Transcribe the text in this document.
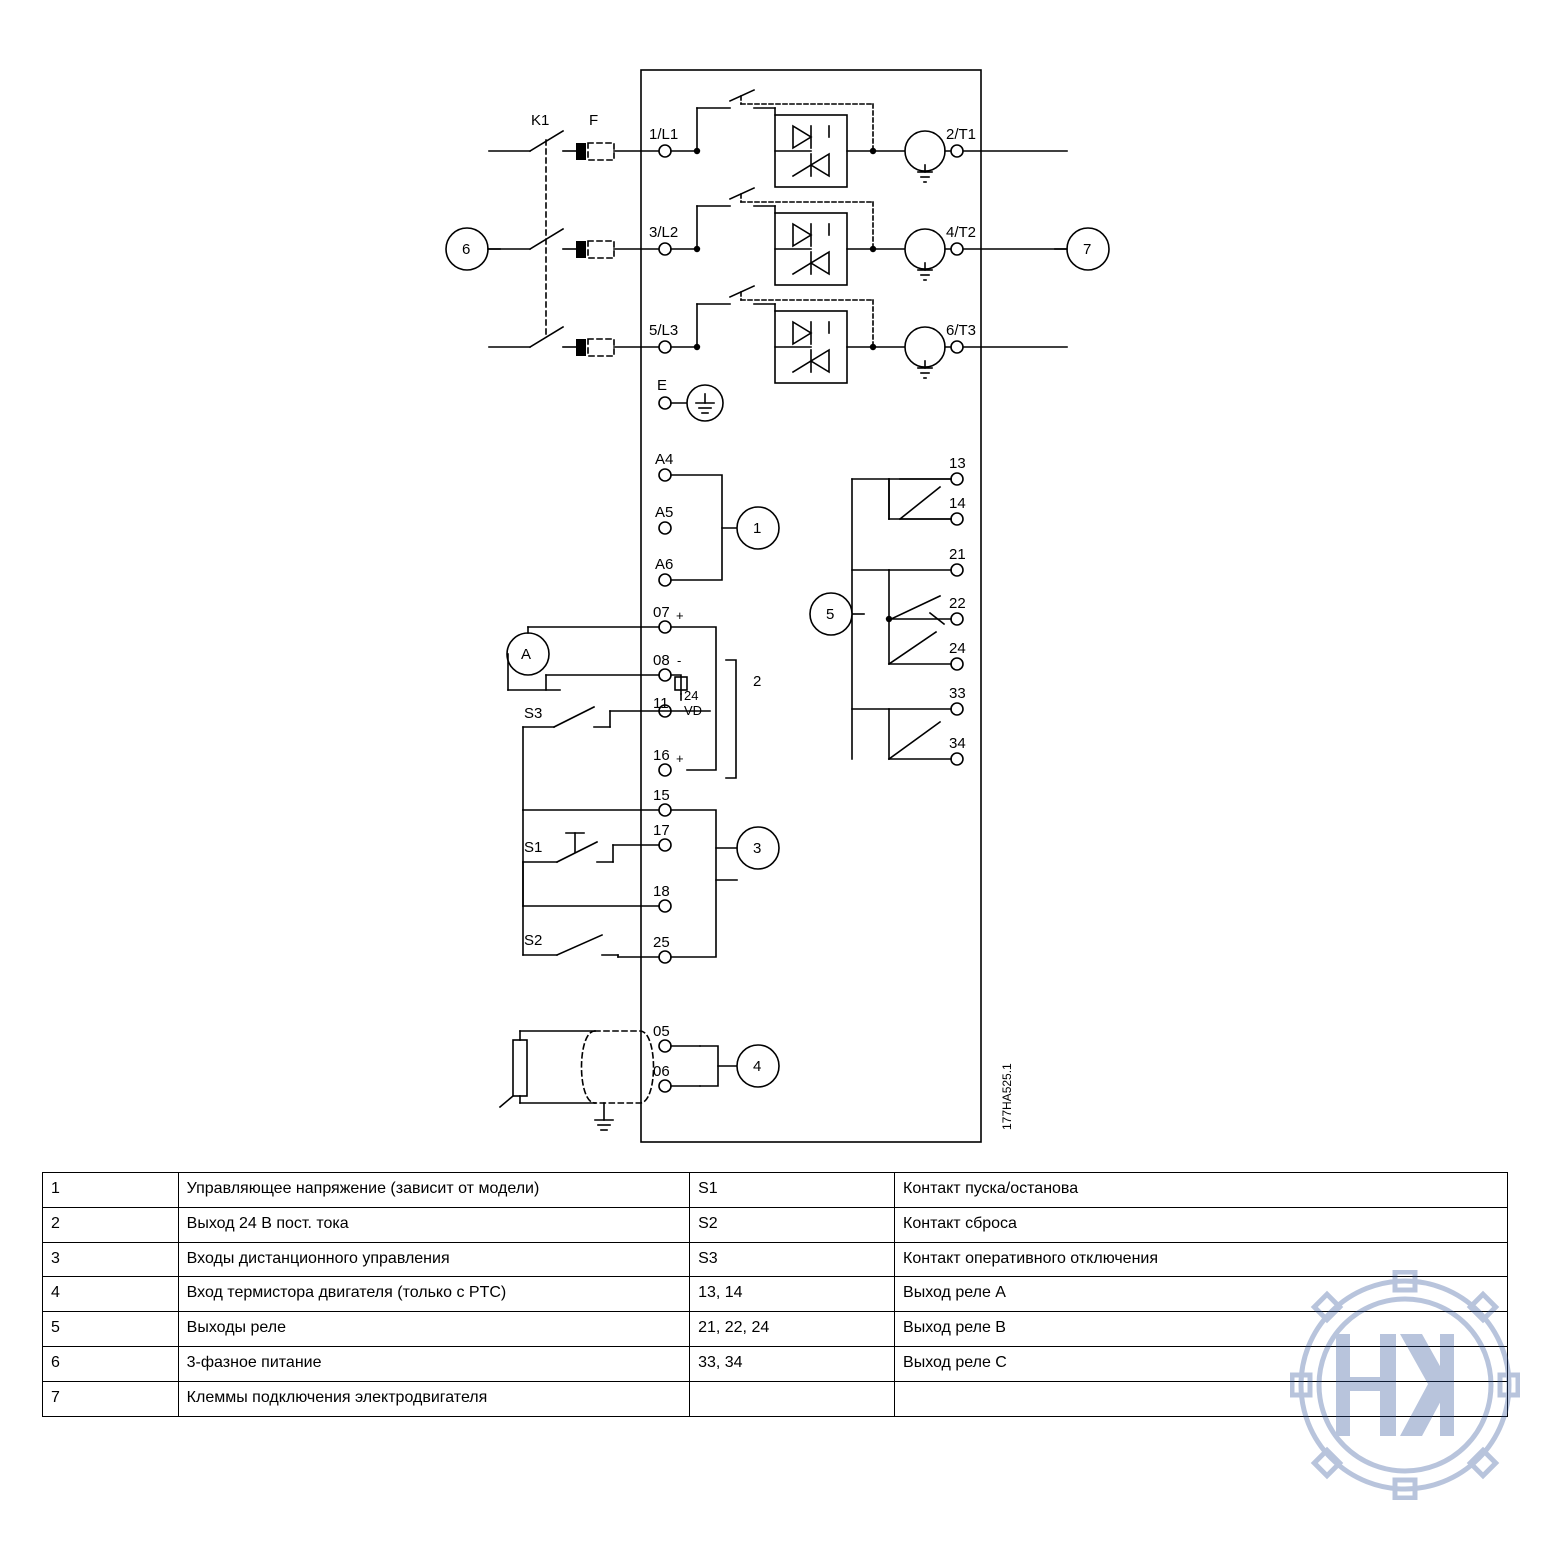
K1	F
1/L1
3/L2
5/L3
2/T1
4/T2
6/T3
E
A4
A5
A6
07 +
08 -
24
VD
11
16 +
15
17
18
25
05
06
S3
S1
S2
13
14
21
22
24
33
34
1
2
3
4
5
6	7
A
177HA525.1
1	Управляющее напряжение (зависит от модели)	S1	Контакт пуска/останова
2	Выход 24 В пост. тока	S2	Контакт сброса
3	Входы дистанционного управления	S3	Контакт оперативного отключения
4	Вход термистора двигателя (только с PTC)	13, 14	Выход реле A
5	Выходы реле	21, 22, 24	Выход реле B
6	3-фазное питание	33, 34	Выход реле C
7	Клеммы подключения электродвигателя		
